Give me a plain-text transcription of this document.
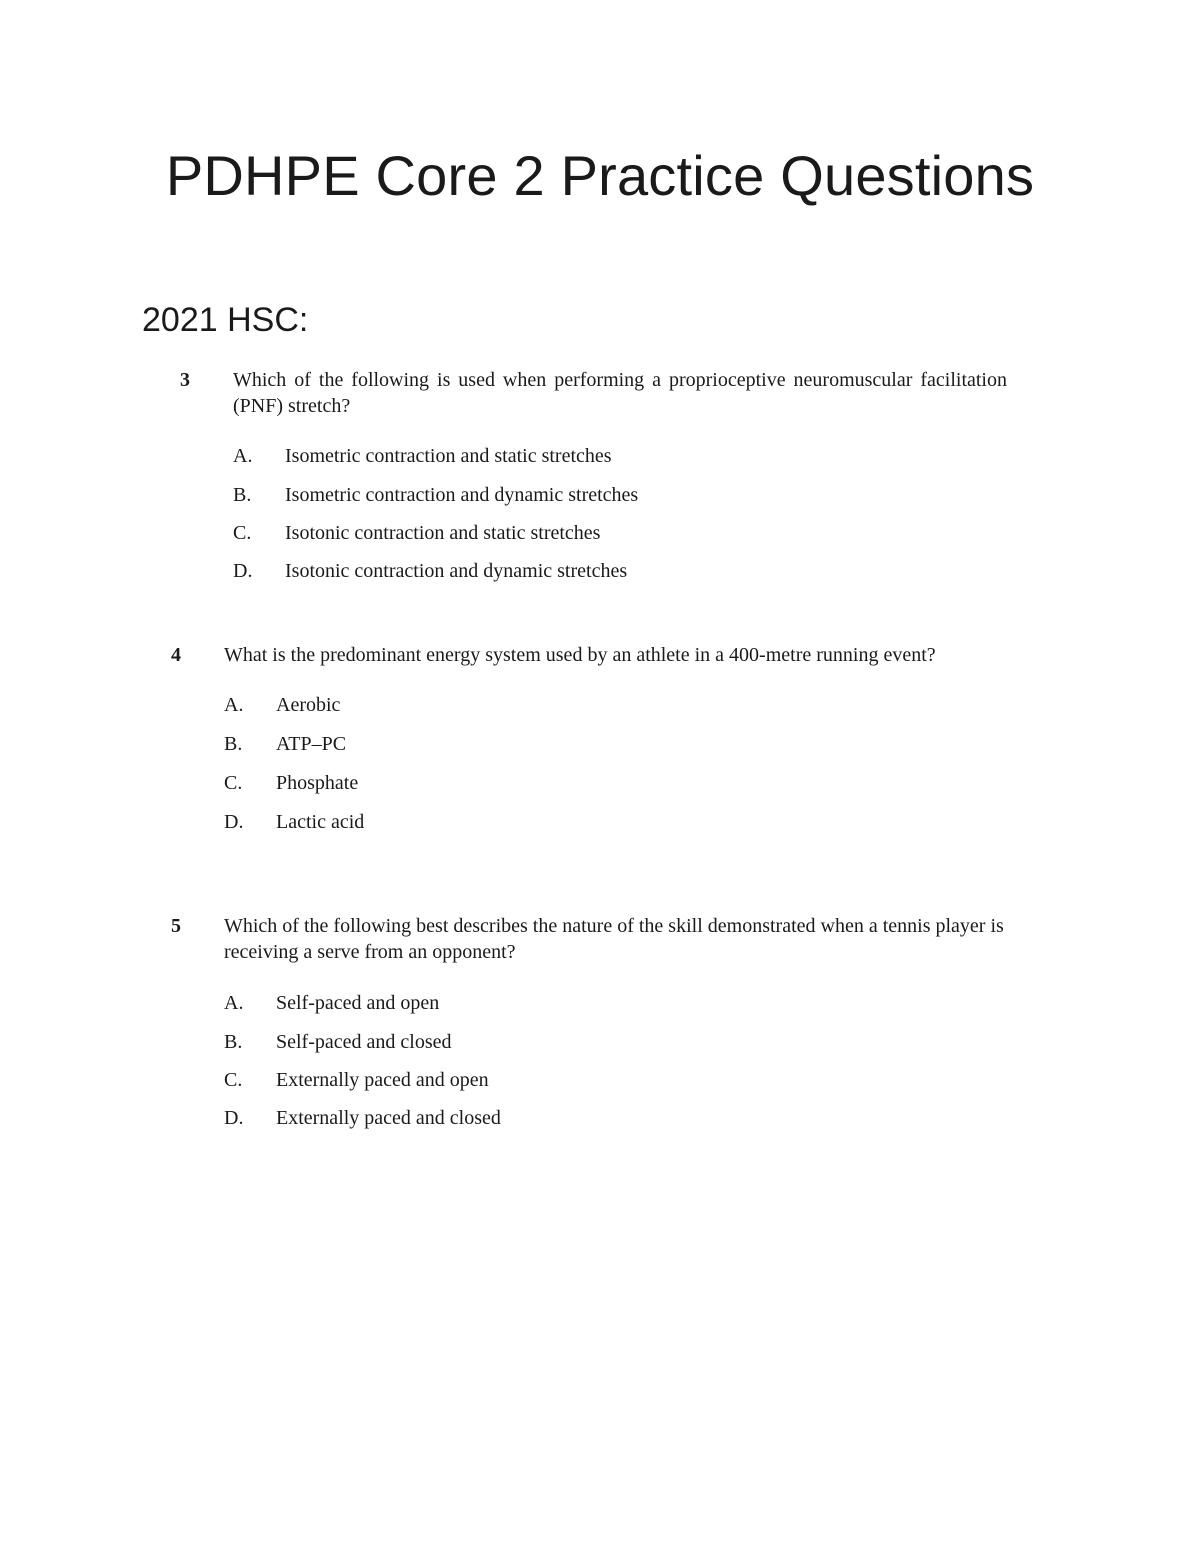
PDHPE Core 2 Practice Questions
2021 HSC:
3 Which of the following is used when performing a proprioceptive neuromuscular facilitation (PNF) stretch?
A. Isometric contraction and static stretches
B. Isometric contraction and dynamic stretches
C. Isotonic contraction and static stretches
D. Isotonic contraction and dynamic stretches
4 What is the predominant energy system used by an athlete in a 400-metre running event?
A. Aerobic
B. ATP–PC
C. Phosphate
D. Lactic acid
5 Which of the following best describes the nature of the skill demonstrated when a tennis player is receiving a serve from an opponent?
A. Self-paced and open
B. Self-paced and closed
C. Externally paced and open
D. Externally paced and closed
